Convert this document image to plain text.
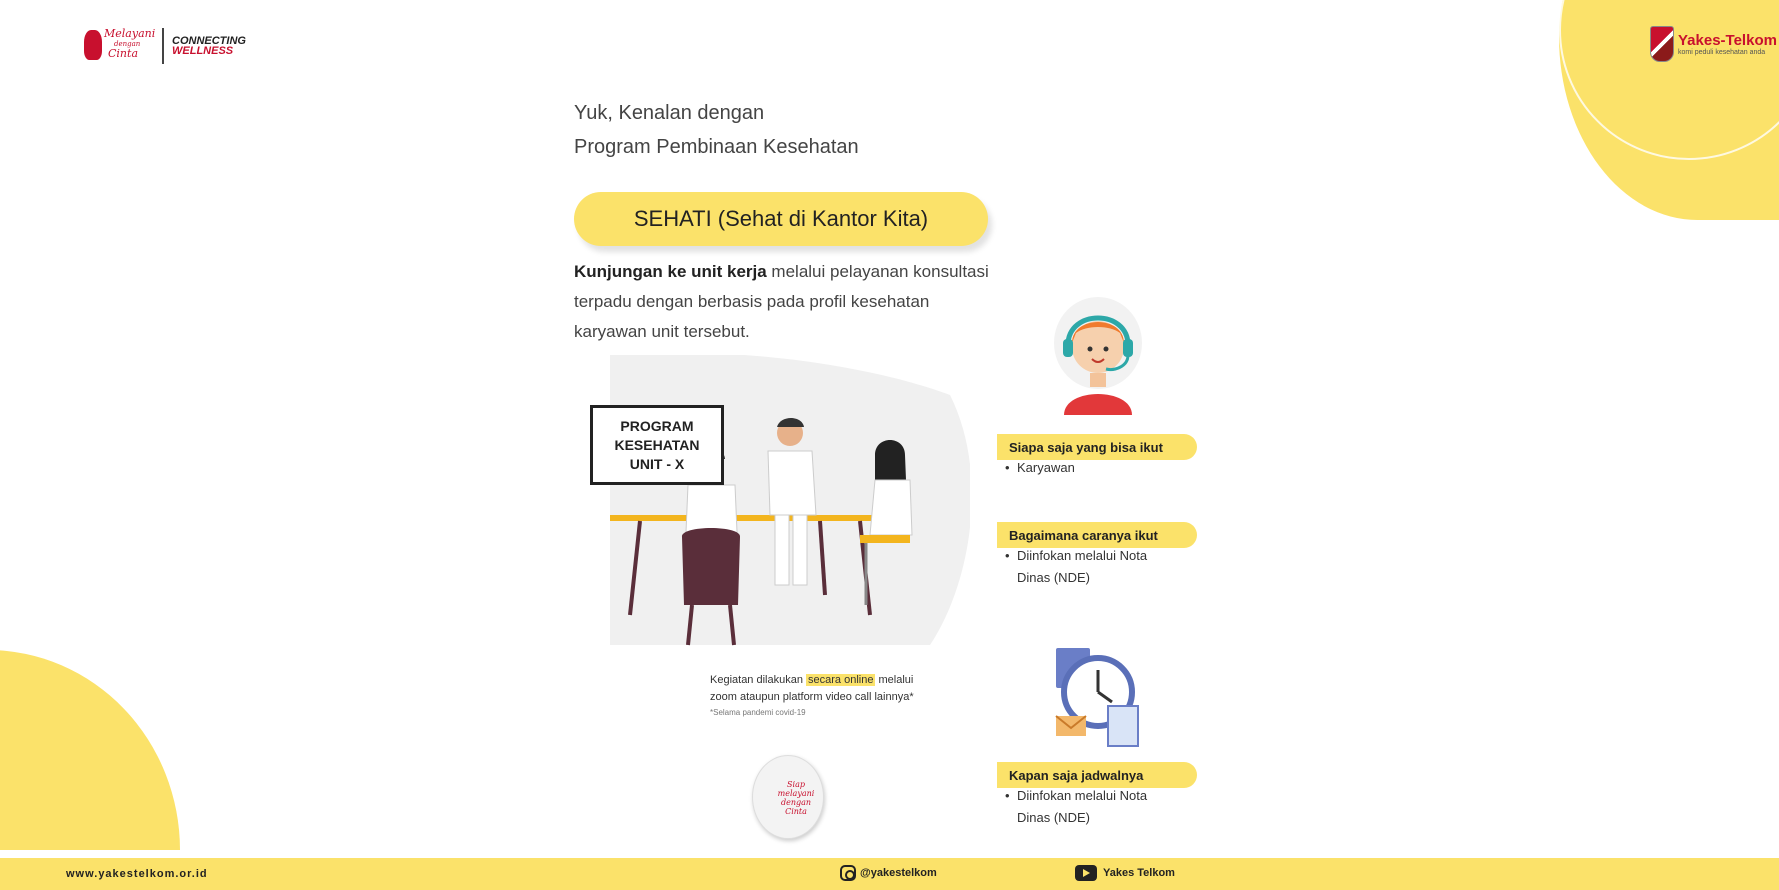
Melayani
dengan
Cinta
CONNECTING
WELLNESS
Yakes-Telkom
komi peduli kesehatan anda
Yuk, Kenalan dengan
Program Pembinaan Kesehatan
SEHATI (Sehat di Kantor Kita)
Kunjungan ke unit kerja melalui pelayanan konsultasi terpadu dengan berbasis pada profil kesehatan karyawan unit tersebut.
PROGRAM
KESEHATAN
UNIT - X
Kegiatan dilakukan secara online melalui
zoom ataupun platform video call lainnya*
*Selama pandemi covid-19
Siap melayani
dengan Cinta
Siapa saja yang bisa ikut
• Karyawan
Bagaimana caranya ikut
• Diinfokan melalui Nota
Dinas (NDE)
Kapan saja jadwalnya
• Diinfokan melalui Nota
Dinas (NDE)
www.yakestelkom.or.id	@yakestelkom	Yakes Telkom
